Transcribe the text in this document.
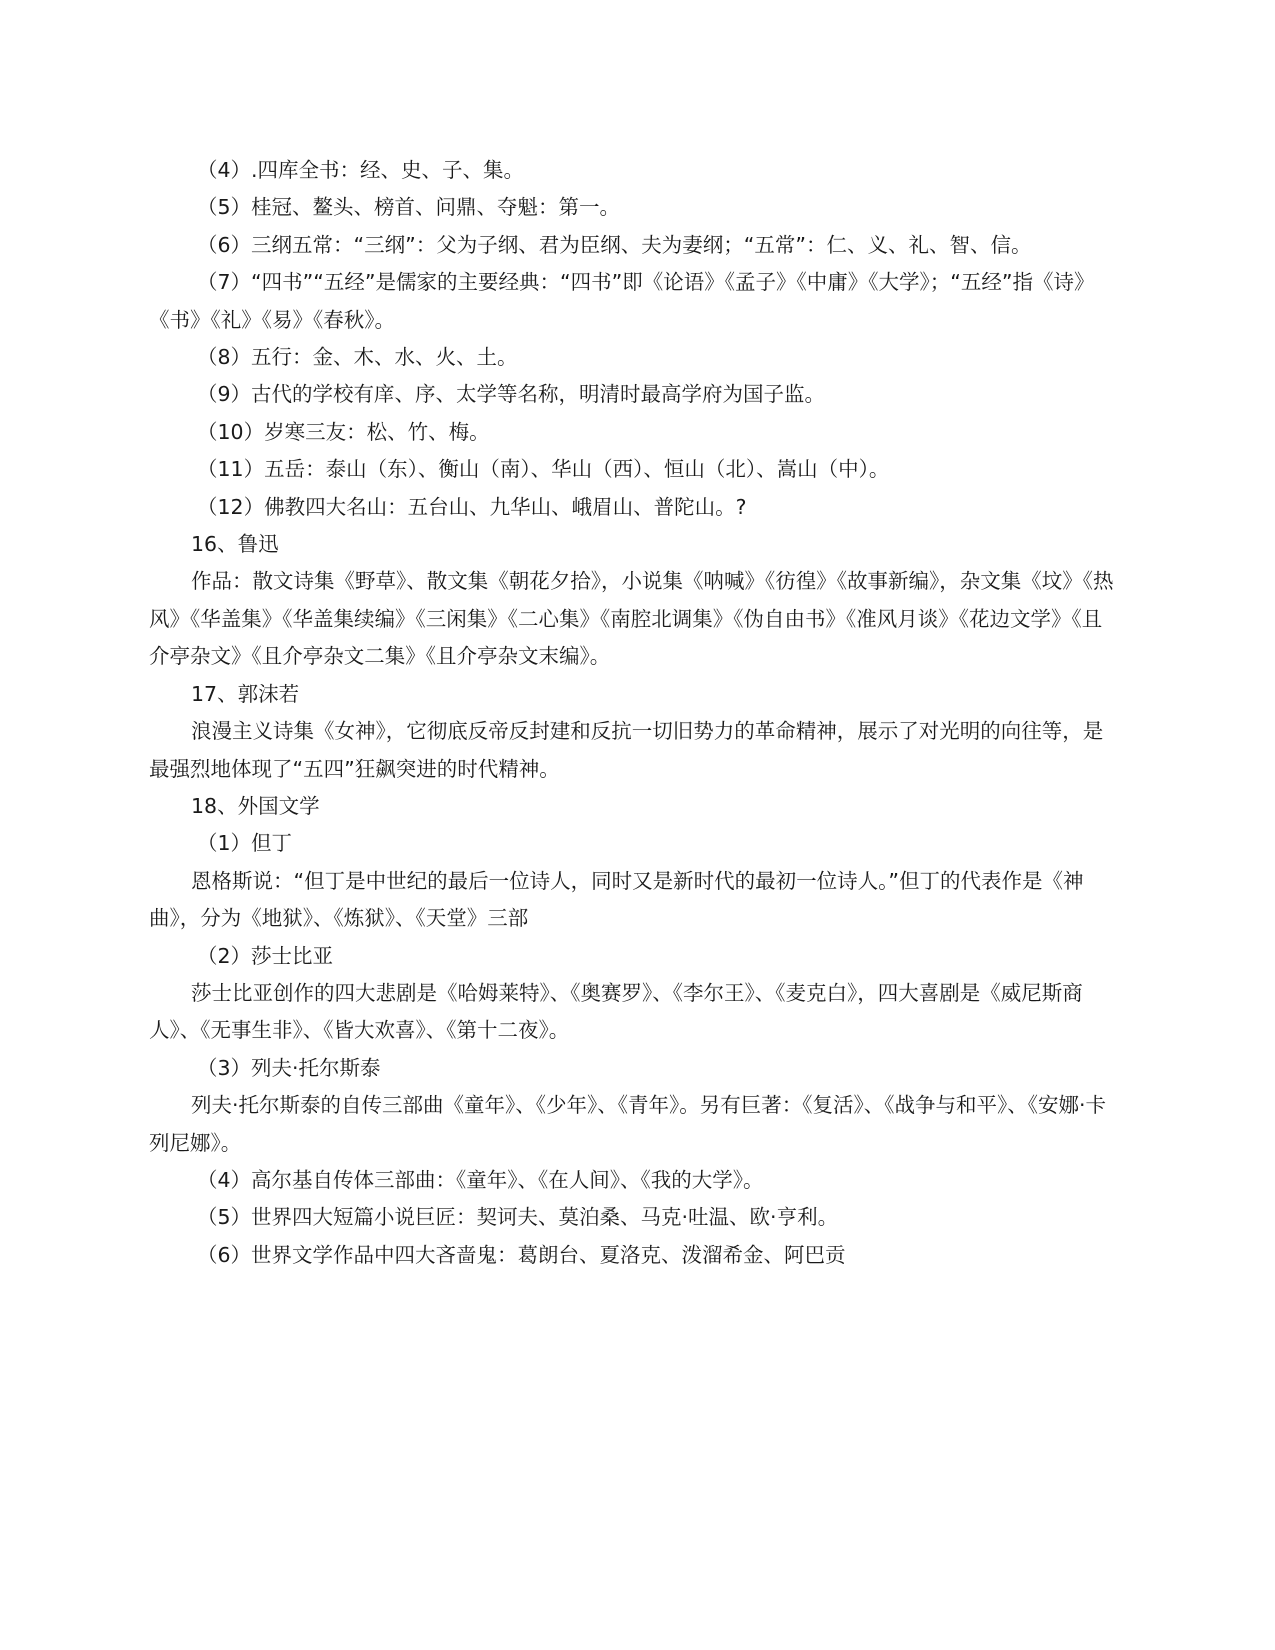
（4）.四库全书：经、史、子、集。

（5）桂冠、鳌头、榜首、问鼎、夺魁：第一。

（6）三纲五常：“三纲”：父为子纲、君为臣纲、夫为妻纲；“五常”：仁、义、礼、智、信。

（7）“四书”“五经”是儒家的主要经典：“四书”即《论语》《孟子》《中庸》《大学》；“五经”指《诗》《书》《礼》《易》《春秋》。

（8）五行：金、木、水、火、土。

（9）古代的学校有庠、序、太学等名称，明清时最高学府为国子监。

（10）岁寒三友：松、竹、梅。

（11）五岳：泰山（东）、衡山（南）、华山（西）、恒山（北）、嵩山（中）。

（12）佛教四大名山：五台山、九华山、峨眉山、普陀山。?

16、鲁迅

作品：散文诗集《野草》、散文集《朝花夕拾》，小说集《呐喊》《彷徨》《故事新编》，杂文集《坟》《热风》《华盖集》《华盖集续编》《三闲集》《二心集》《南腔北调集》《伪自由书》《准风月谈》《花边文学》《且介亭杂文》《且介亭杂文二集》《且介亭杂文末编》。

17、郭沫若

浪漫主义诗集《女神》，它彻底反帝反封建和反抗一切旧势力的革命精神，展示了对光明的向往等，是最强烈地体现了“五四”狂飙突进的时代精神。

18、外国文学

（1）但丁

恩格斯说：“但丁是中世纪的最后一位诗人，同时又是新时代的最初一位诗人。”但丁的代表作是《神曲》，分为《地狱》、《炼狱》、《天堂》三部

（2）莎士比亚

莎士比亚创作的四大悲剧是《哈姆莱特》、《奥赛罗》、《李尔王》、《麦克白》，四大喜剧是《威尼斯商人》、《无事生非》、《皆大欢喜》、《第十二夜》。

（3）列夫·托尔斯泰

列夫·托尔斯泰的自传三部曲《童年》、《少年》、《青年》。另有巨著：《复活》、《战争与和平》、《安娜·卡列尼娜》。

（4）高尔基自传体三部曲：《童年》、《在人间》、《我的大学》。

（5）世界四大短篇小说巨匠：契诃夫、莫泊桑、马克·吐温、欧·亨利。

（6）世界文学作品中四大吝啬鬼：葛朗台、夏洛克、泼溜希金、阿巴贡
